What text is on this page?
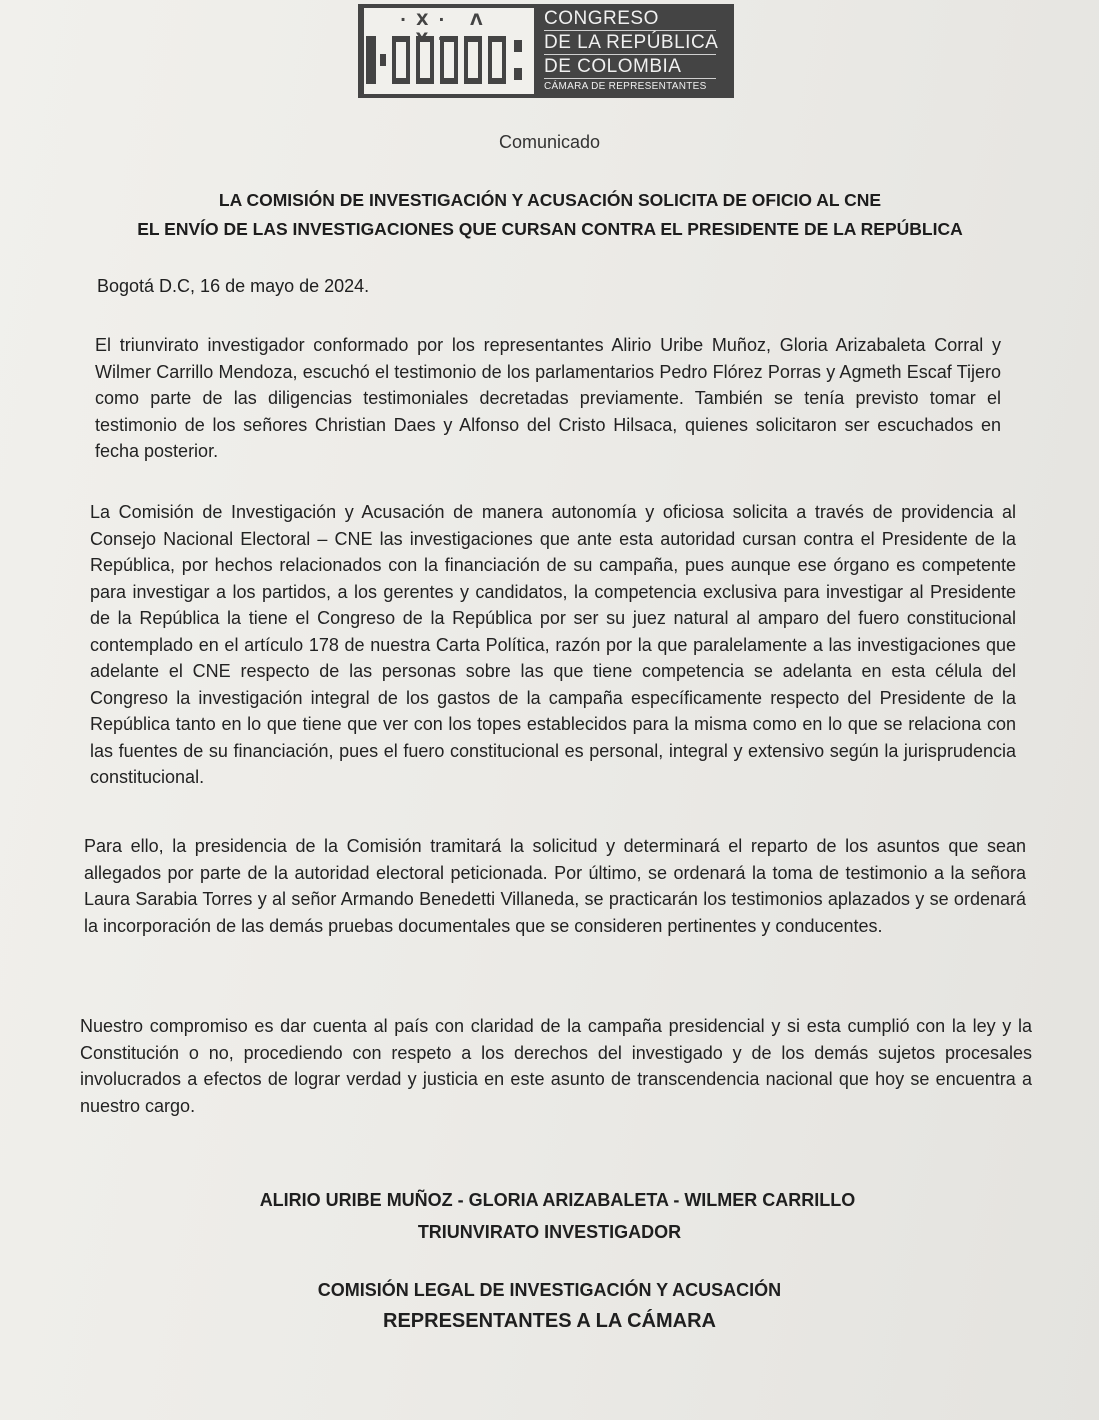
·ꓫ· ꓥ	CONGRESO
DE LA REPÚBLICA
DE COLOMBIA
CÁMARA DE REPRESENTANTES
Comunicado
LA COMISIÓN DE INVESTIGACIÓN Y ACUSACIÓN SOLICITA DE OFICIO AL CNE
EL ENVÍO DE LAS INVESTIGACIONES QUE CURSAN CONTRA EL PRESIDENTE DE LA REPÚBLICA
Bogotá D.C, 16 de mayo de 2024.
El triunvirato investigador conformado por los representantes Alirio Uribe Muñoz, Gloria Arizabaleta Corral y Wilmer Carrillo Mendoza, escuchó el testimonio de los parlamentarios Pedro Flórez Porras y Agmeth Escaf Tijero como parte de las diligencias testimoniales decretadas previamente. También se tenía previsto tomar el testimonio de los señores Christian Daes y Alfonso del Cristo Hilsaca, quienes solicitaron ser escuchados en fecha posterior.
La Comisión de Investigación y Acusación de manera autonomía y oficiosa solicita a través de providencia al Consejo Nacional Electoral – CNE las investigaciones que ante esta autoridad cursan contra el Presidente de la República, por hechos relacionados con la financiación de su campaña, pues aunque ese órgano es competente para investigar a los partidos, a los gerentes y candidatos, la competencia exclusiva para investigar al Presidente de la República la tiene el Congreso de la República por ser su juez natural al amparo del fuero constitucional contemplado en el artículo 178 de nuestra Carta Política, razón por la que paralelamente a las investigaciones que adelante el CNE respecto de las personas sobre las que tiene competencia se adelanta en esta célula del Congreso la investigación integral de los gastos de la campaña específicamente respecto del Presidente de la República tanto en lo que tiene que ver con los topes establecidos para la misma como en lo que se relaciona con las fuentes de su financiación, pues el fuero constitucional es personal, integral y extensivo según la jurisprudencia constitucional.
Para ello, la presidencia de la Comisión tramitará la solicitud y determinará el reparto de los asuntos que sean allegados por parte de la autoridad electoral peticionada. Por último, se ordenará la toma de testimonio a la señora Laura Sarabia Torres y al señor Armando Benedetti Villaneda, se practicarán los testimonios aplazados y se ordenará la incorporación de las demás pruebas documentales que se consideren pertinentes y conducentes.
Nuestro compromiso es dar cuenta al país con claridad de la campaña presidencial y si esta cumplió con la ley y la Constitución o no, procediendo con respeto a los derechos del investigado y de los demás sujetos procesales involucrados a efectos de lograr verdad y justicia en este asunto de transcendencia nacional que hoy se encuentra a nuestro cargo.
ALIRIO URIBE MUÑOZ - GLORIA ARIZABALETA - WILMER CARRILLO
TRIUNVIRATO INVESTIGADOR
COMISIÓN LEGAL DE INVESTIGACIÓN Y ACUSACIÓN
REPRESENTANTES A LA CÁMARA
